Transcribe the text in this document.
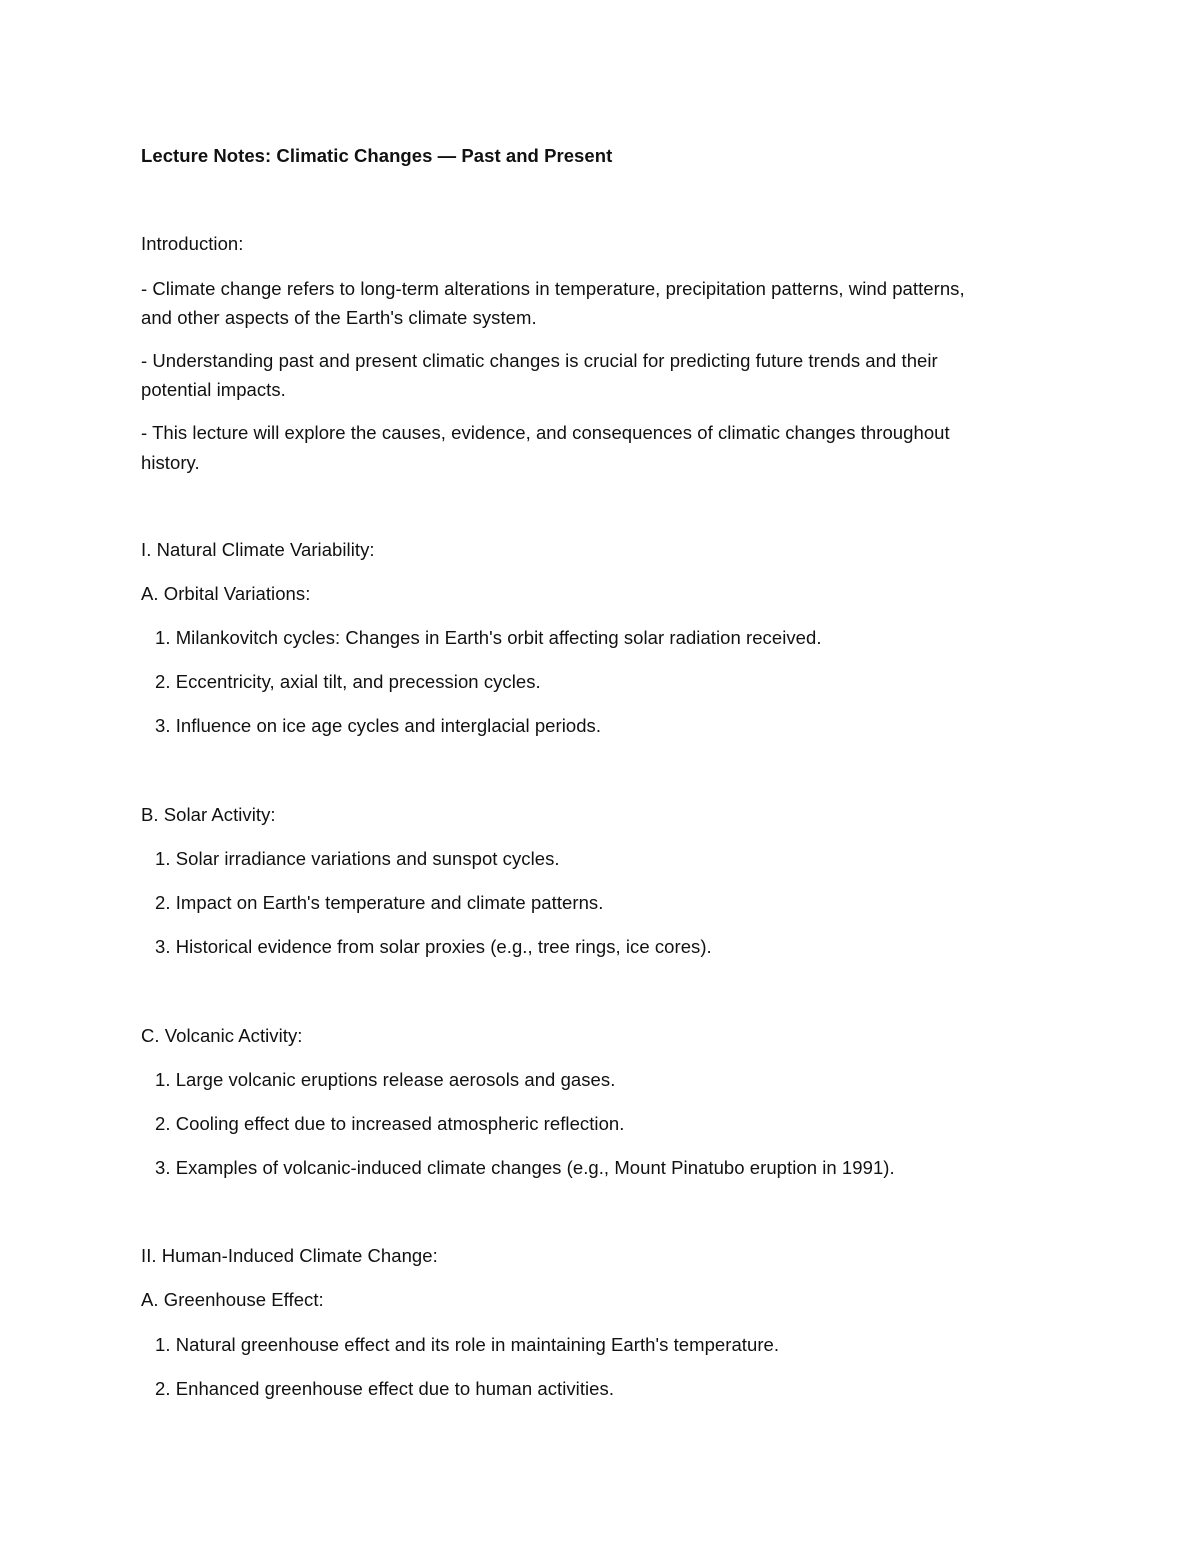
Lecture Notes: Climatic Changes — Past and Present
Introduction:
- Climate change refers to long-term alterations in temperature, precipitation patterns, wind patterns,
and other aspects of the Earth's climate system.
- Understanding past and present climatic changes is crucial for predicting future trends and their
potential impacts.
- This lecture will explore the causes, evidence, and consequences of climatic changes throughout
history.
I. Natural Climate Variability:
A. Orbital Variations:
1. Milankovitch cycles: Changes in Earth's orbit affecting solar radiation received.
2. Eccentricity, axial tilt, and precession cycles.
3. Influence on ice age cycles and interglacial periods.
B. Solar Activity:
1. Solar irradiance variations and sunspot cycles.
2. Impact on Earth's temperature and climate patterns.
3. Historical evidence from solar proxies (e.g., tree rings, ice cores).
C. Volcanic Activity:
1. Large volcanic eruptions release aerosols and gases.
2. Cooling effect due to increased atmospheric reflection.
3. Examples of volcanic-induced climate changes (e.g., Mount Pinatubo eruption in 1991).
II. Human-Induced Climate Change:
A. Greenhouse Effect:
1. Natural greenhouse effect and its role in maintaining Earth's temperature.
2. Enhanced greenhouse effect due to human activities.
